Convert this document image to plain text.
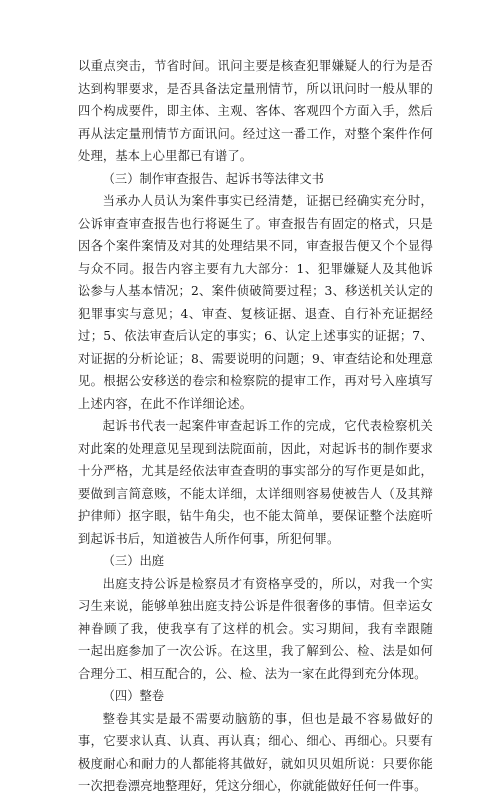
以重点突击，节省时间。讯问主要是核查犯罪嫌疑人的行为是否达到构罪要求，是否具备法定量刑情节，所以讯问时一般从罪的四个构成要件，即主体、主观、客体、客观四个方面入手，然后再从法定量刑情节方面讯问。经过这一番工作，对整个案件作何处理，基本上心里都已有谱了。

（三）制作审查报告、起诉书等法律文书

当承办人员认为案件事实已经清楚，证据已经确实充分时，公诉审查审查报告也行将诞生了。审查报告有固定的格式，只是因各个案件案情及对其的处理结果不同，审查报告便又个个显得与众不同。报告内容主要有九大部分：1、犯罪嫌疑人及其他诉讼参与人基本情况；2、案件侦破简要过程；3、移送机关认定的犯罪事实与意见；4、审查、复核证据、退查、自行补充证据经过；5、依法审查后认定的事实；6、认定上述事实的证据；7、对证据的分析论证；8、需要说明的问题；9、审查结论和处理意见。根据公安移送的卷宗和检察院的提审工作，再对号入座填写上述内容，在此不作详细论述。

起诉书代表一起案件审查起诉工作的完成，它代表检察机关对此案的处理意见呈现到法院面前，因此，对起诉书的制作要求十分严格，尤其是经依法审查查明的事实部分的写作更是如此，要做到言简意赅，不能太详细，太详细则容易使被告人（及其辩护律师）抠字眼，钻牛角尖，也不能太简单，要保证整个法庭听到起诉书后，知道被告人所作何事，所犯何罪。

（三）出庭

出庭支持公诉是检察员才有资格享受的，所以，对我一个实习生来说，能够单独出庭支持公诉是件很奢侈的事情。但幸运女神眷顾了我，使我享有了这样的机会。实习期间，我有幸跟随　一起出庭参加了一次公诉。在这里，我了解到公、检、法是如何合理分工、相互配合的，公、检、法为一家在此得到充分体现。

（四）整卷

整卷其实是最不需要动脑筋的事，但也是最不容易做好的事，它要求认真、认真、再认真；细心、细心、再细心。只要有极度耐心和耐力的人都能将其做好，就如贝贝姐所说：只要你能一次把卷漂亮地整理好，凭这分细心，你就能做好任何一件事。
